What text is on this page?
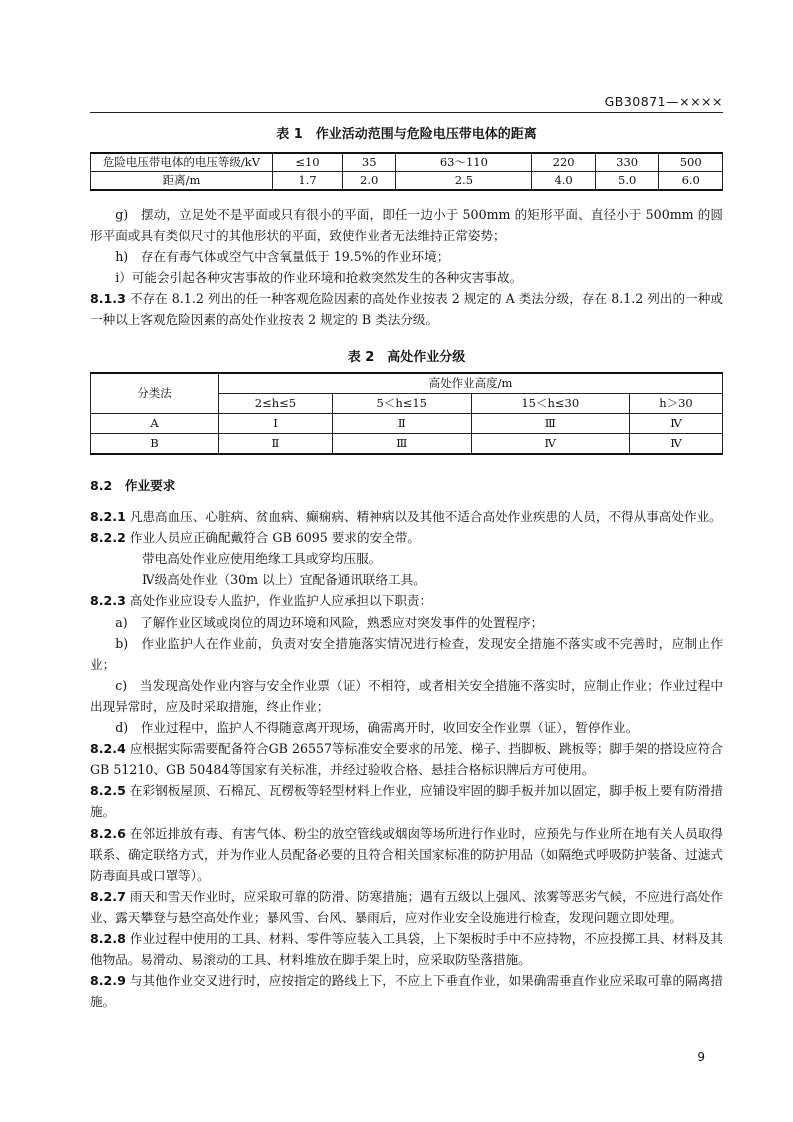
GB30871—××××
表 1　作业活动范围与危险电压带电体的距离
危险电压带电体的电压等级/kV	≤10	35	63～110	220	330	500
距离/m	1.7	2.0	2.5	4.0	5.0	6.0

g)　摆动，立足处不是平面或只有很小的平面，即任一边小于 500mm 的矩形平面、直径小于 500mm 的圆形平面或具有类似尺寸的其他形状的平面，致使作业者无法维持正常姿势；

h)　存在有毒气体或空气中含氧量低于 19.5%的作业环境；

i）可能会引起各种灾害事故的作业环境和抢救突然发生的各种灾害事故。

8.1.3 不存在 8.1.2 列出的任一种客观危险因素的高处作业按表 2 规定的 A 类法分级，存在 8.1.2 列出的一种或一种以上客观危险因素的高处作业按表 2 规定的 B 类法分级。

表 2　高处作业分级
分类法	高处作业高度/m			
	2≤h≤5	5＜h≤15	15＜h≤30	h＞30
A	Ⅰ	Ⅱ	Ⅲ	Ⅳ
B	Ⅱ	Ⅲ	Ⅳ	Ⅳ

8.2　 作业要求

8.2.1 凡患高血压、心脏病、贫血病、癫痫病、精神病以及其他不适合高处作业疾患的人员，不得从事高处作业。

8.2.2 作业人员应正确配戴符合 GB 6095 要求的安全带。

带电高处作业应使用绝缘工具或穿均压服。

Ⅳ级高处作业（30m 以上）宜配备通讯联络工具。

8.2.3 高处作业应设专人监护，作业监护人应承担以下职责：

a)　了解作业区域或岗位的周边环境和风险，熟悉应对突发事件的处置程序；

b)　作业监护人在作业前，负责对安全措施落实情况进行检查，发现安全措施不落实或不完善时，应制止作业；

c)　当发现高处作业内容与安全作业票（证）不相符，或者相关安全措施不落实时，应制止作业；作业过程中出现异常时，应及时采取措施，终止作业；

d)　作业过程中，监护人不得随意离开现场，确需离开时，收回安全作业票（证），暂停作业。

8.2.4 应根据实际需要配备符合GB 26557等标准安全要求的吊笼、梯子、挡脚板、跳板等；脚手架的搭设应符合GB 51210、GB 50484等国家有关标准，并经过验收合格、悬挂合格标识牌后方可使用。

8.2.5 在彩钢板屋顶、石棉瓦、瓦楞板等轻型材料上作业，应铺设牢固的脚手板并加以固定，脚手板上要有防滑措施。

8.2.6 在邻近排放有毒、有害气体、粉尘的放空管线或烟囱等场所进行作业时，应预先与作业所在地有关人员取得联系、确定联络方式，并为作业人员配备必要的且符合相关国家标准的防护用品（如隔绝式呼吸防护装备、过滤式防毒面具或口罩等）。

8.2.7 雨天和雪天作业时，应采取可靠的防滑、防寒措施；遇有五级以上强风、浓雾等恶劣气候，不应进行高处作业、露天攀登与悬空高处作业；暴风雪、台风、暴雨后，应对作业安全设施进行检查，发现问题立即处理。

8.2.8 作业过程中使用的工具、材料、零件等应装入工具袋，上下架板时手中不应持物，不应投掷工具、材料及其他物品。易滑动、易滚动的工具、材料堆放在脚手架上时，应采取防坠落措施。

8.2.9 与其他作业交叉进行时，应按指定的路线上下，不应上下垂直作业，如果确需垂直作业应采取可靠的隔离措施。

9
